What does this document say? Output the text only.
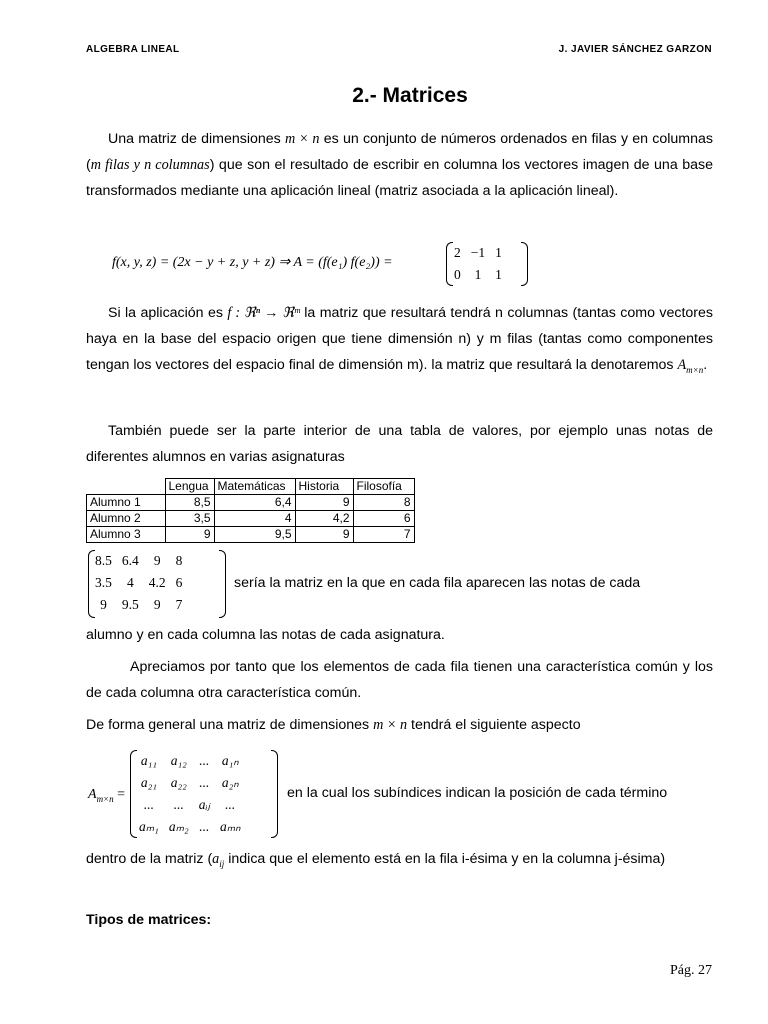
ALGEBRA LINEAL	J. JAVIER SÁNCHEZ GARZON
2.- Matrices

Una matriz de dimensiones m × n es un conjunto de números ordenados en filas y en columnas (m filas y n columnas) que son el resultado de escribir en columna los vectores imagen de una base transformados mediante una aplicación lineal (matriz asociada a la aplicación lineal).

f(x, y, z) = (2x − y + z, y + z) ⇒ A = (f(e₁) f(e₂)) =
2	−1	1
0	1	1

Si la aplicación es f : ℜⁿ → ℜᵐ la matriz que resultará tendrá n columnas (tantas como vectores haya en la base del espacio origen que tiene dimensión n) y m filas (tantas como componentes tengan los vectores del espacio final de dimensión m). la matriz que resultará la denotaremos $A_{m\times n}$.

También puede ser la parte interior de una tabla de valores, por ejemplo unas notas de diferentes alumnos en varias asignaturas

	Lengua	Matemáticas	Historia	Filosofía
Alumno 1	8,5	6,4	9	8
Alumno 2	3,5	4	4,2	6
Alumno 3	9	9,5	9	7
8.5	6.4	9	8
3.5	4	4.2	6
9	9.5	9	7

sería la matriz en la que en cada fila aparecen las notas de cada

alumno y en cada columna las notas de cada asignatura.

Apreciamos por tanto que los elementos de cada fila tienen una característica común y los de cada columna otra característica común.

De forma general una matriz de dimensiones m × n tendrá el siguiente aspecto

$A_{m\times n}$ =
a₁₁	a₁₂	...	a₁ₙ
a₂₁	a₂₂	...	a₂ₙ
...	...	aᵢⱼ	...
aₘ₁	aₘ₂	...	aₘₙ

en la cual los subíndices indican la posición de cada término

dentro de la matriz ($a_{ij}$ indica que el elemento está en la fila i-ésima y en la columna j-ésima)

Tipos de matrices:

Pág. 27
